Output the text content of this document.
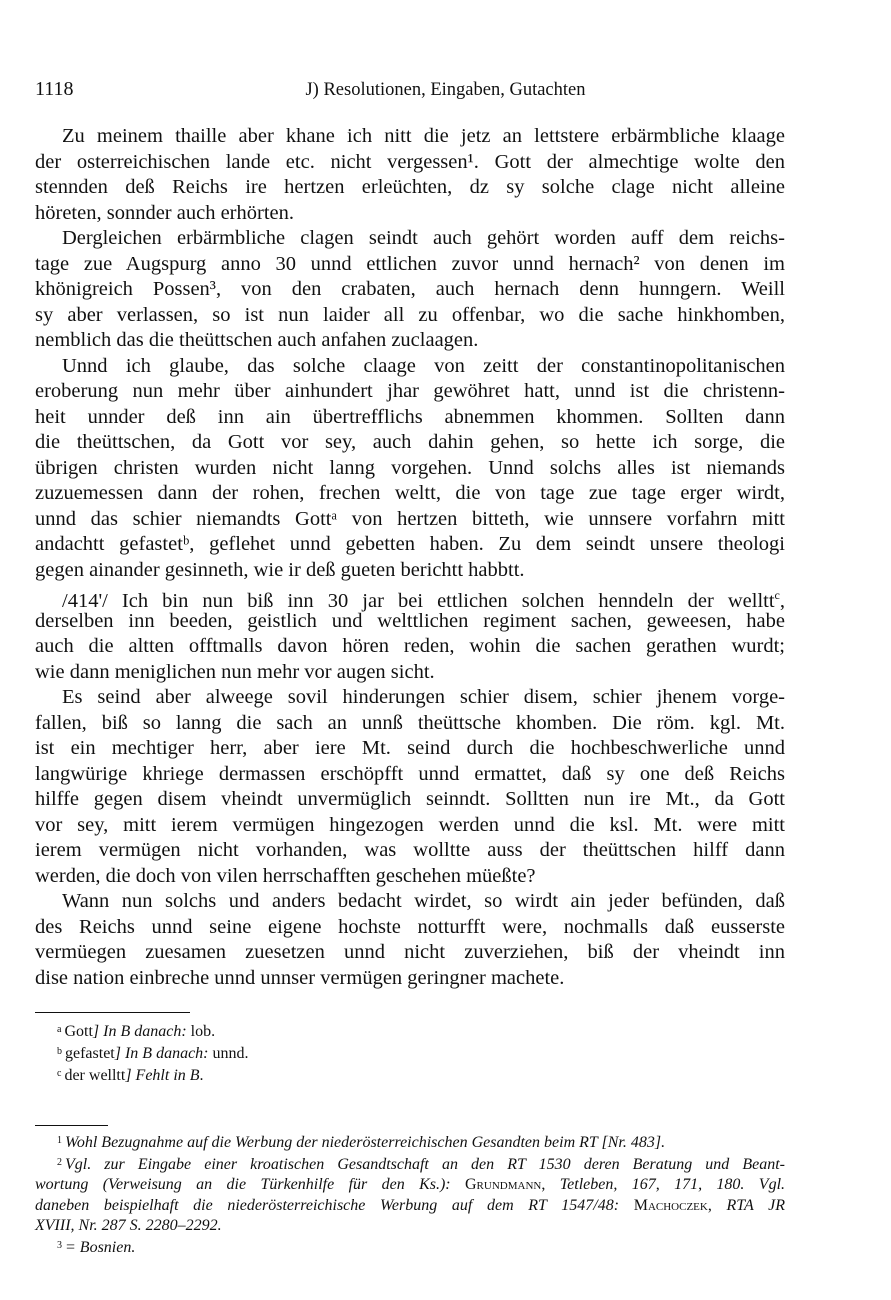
1118	J) Resolutionen, Eingaben, Gutachten
Zu meinem thaille aber khane ich nitt die jetz an lettstere erbärmbliche klaage
der osterreichischen lande etc. nicht vergessen¹. Gott der almechtige wolte den
stennden deß Reichs ire hertzen erleüchten, dz sy solche clage nicht alleine
höreten, sonnder auch erhörten.
Dergleichen erbärmbliche clagen seindt auch gehört worden auff dem reichs-
tage zue Augspurg anno 30 unnd ettlichen zuvor unnd hernach² von denen im
khönigreich Possen³, von den crabaten, auch hernach denn hunngern. Weill
sy aber verlassen, so ist nun laider all zu offenbar, wo die sache hinkhomben,
nemblich das die theüttschen auch anfahen zuclaagen.
Unnd ich glaube, das solche claage von zeitt der constantinopolitanischen
eroberung nun mehr über ainhundert jhar gewöhret hatt, unnd ist die christenn-
heit unnder deß inn ain übertrefflichs abnemmen khommen. Sollten dann
die theüttschen, da Gott vor sey, auch dahin gehen, so hette ich sorge, die
übrigen christen wurden nicht lanng vorgehen. Unnd solchs alles ist niemands
zuzuemessen dann der rohen, frechen weltt, die von tage zue tage erger wirdt,
unnd das schier niemandts Gottᵃ von hertzen bitteth, wie unnsere vorfahrn mitt
andachtt gefastetᵇ, geflehet unnd gebetten haben. Zu dem seindt unsere theologi
gegen ainander gesinneth, wie ir deß gueten berichtt habbtt.
/414'/ Ich bin nun biß inn 30 jar bei ettlichen solchen henndeln der welltt$^c$,
derselben inn beeden, geistlich und welttlichen regiment sachen, geweesen, habe
auch die altten offtmalls davon hören reden, wohin die sachen gerathen wurdt;
wie dann meniglichen nun mehr vor augen sicht.
Es seind aber alweege sovil hinderungen schier disem, schier jhenem vorge-
fallen, biß so lanng die sach an unnß theüttsche khomben. Die röm. kgl. Mt.
ist ein mechtiger herr, aber iere Mt. seind durch die hochbeschwerliche unnd
langwürige khriege dermassen erschöpfft unnd ermattet, daß sy one deß Reichs
hilffe gegen disem vheindt unvermüglich seinndt. Solltten nun ire Mt., da Gott
vor sey, mitt ierem vermügen hingezogen werden unnd die ksl. Mt. were mitt
ierem vermügen nicht vorhanden, was wolltte auss der theüttschen hilff dann
werden, die doch von vilen herrschafften geschehen müeßte?
Wann nun solchs und anders bedacht wirdet, so wirdt ain jeder befünden, daß
des Reichs unnd seine eigene hochste notturfft were, nochmalls daß eusserste
vermüegen zuesamen zuesetzen unnd nicht zuverziehen, biß der vheindt inn
dise nation einbreche unnd unnser vermügen geringner machete.
$^a$ Gott] In B danach: lob.
$^b$ gefastet] In B danach: unnd.
$^c$ der welltt] Fehlt in B.
$^1$ Wohl Bezugnahme auf die Werbung der niederösterreichischen Gesandten beim RT [Nr. 483].
$^2$ Vgl. zur Eingabe einer kroatischen Gesandtschaft an den RT 1530 deren Beratung und Beant-
wortung (Verweisung an die Türkenhilfe für den Ks.): Grundmann, Tetleben, 167, 171, 180. Vgl.
daneben beispielhaft die niederösterreichische Werbung auf dem RT 1547/48: Machoczek, RTA JR
XVIII, Nr. 287 S. 2280–2292.
$^3$ = Bosnien.
